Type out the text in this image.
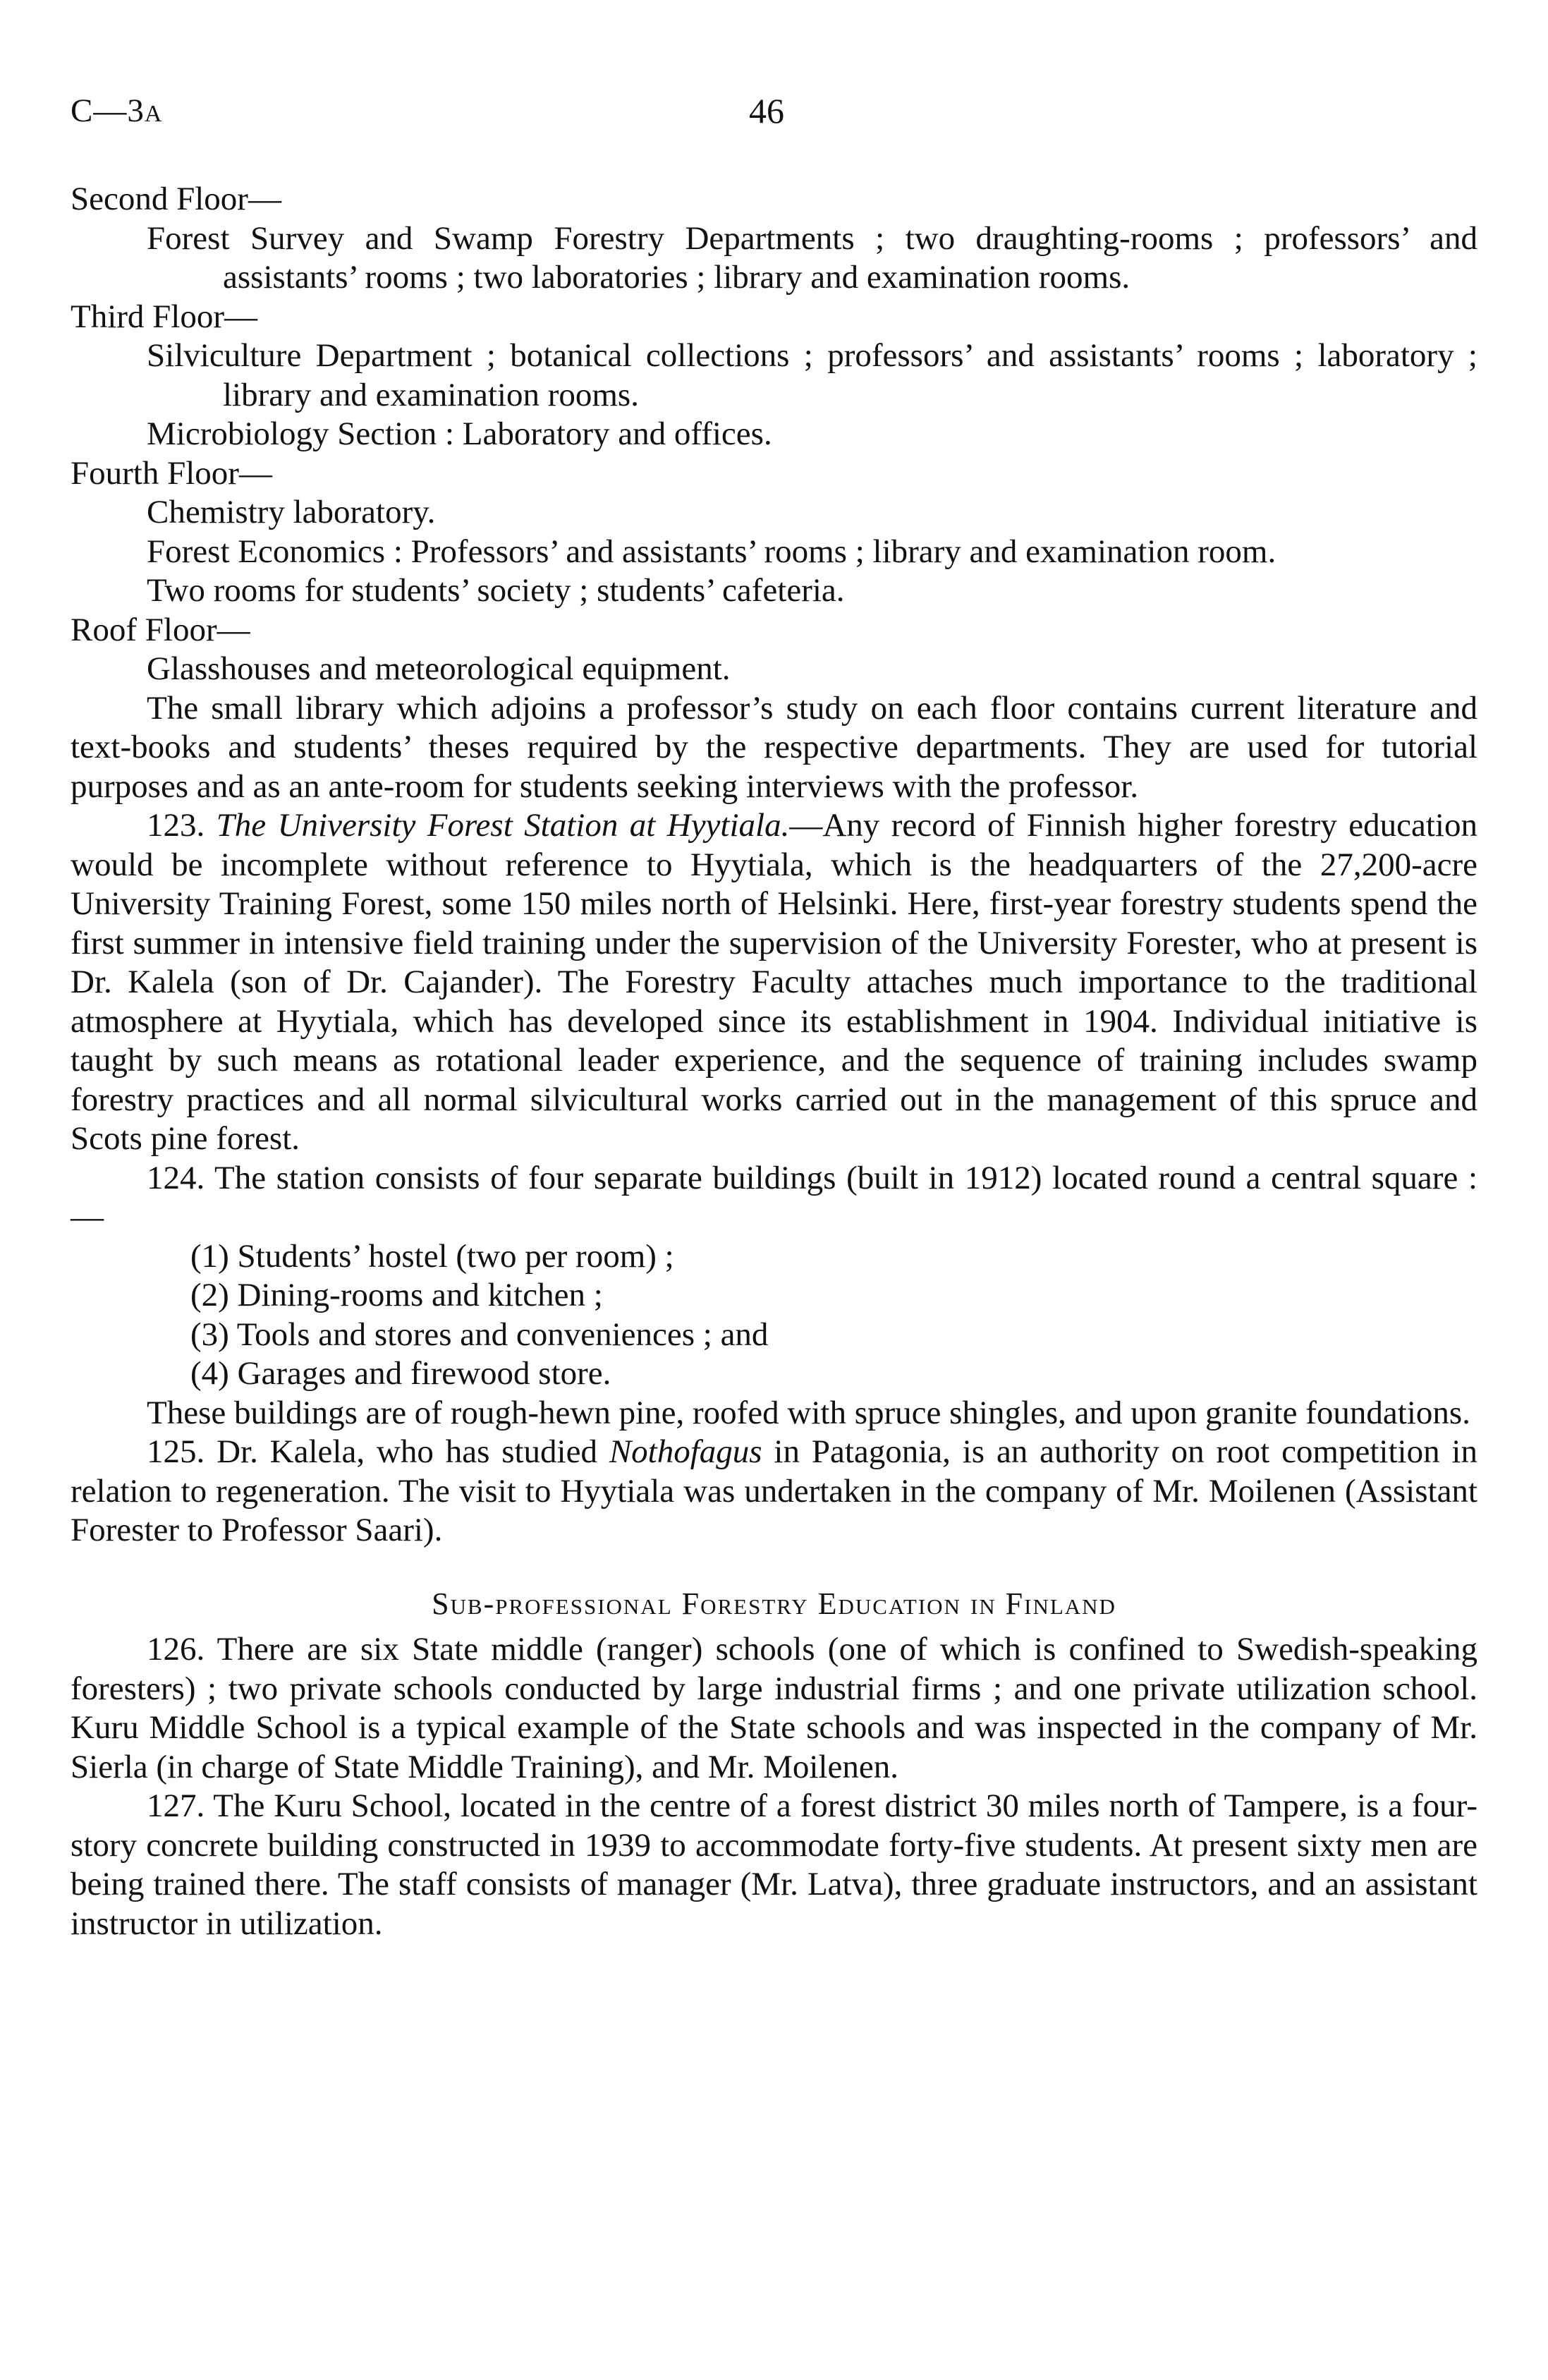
C—3A	46

Second Floor—

Forest Survey and Swamp Forestry Departments ; two draughting-rooms ; professors’ and assistants’ rooms ; two laboratories ; library and examination rooms.

Third Floor—

Silviculture Department ; botanical collections ; professors’ and assistants’ rooms ; laboratory ; library and examination rooms.

Microbiology Section : Laboratory and offices.

Fourth Floor—

Chemistry laboratory.

Forest Economics : Professors’ and assistants’ rooms ; library and examination room.

Two rooms for students’ society ; students’ cafeteria.

Roof Floor—

Glasshouses and meteorological equipment.

The small library which adjoins a professor’s study on each floor contains current literature and text-books and students’ theses required by the respective departments. They are used for tutorial purposes and as an ante-room for students seeking interviews with the professor.

123. The University Forest Station at Hyytiala.—Any record of Finnish higher forestry education would be incomplete without reference to Hyytiala, which is the headquarters of the 27,200-acre University Training Forest, some 150 miles north of Helsinki. Here, first-year forestry students spend the first summer in intensive field training under the supervision of the University Forester, who at present is Dr. Kalela (son of Dr. Cajander). The Forestry Faculty attaches much importance to the traditional atmosphere at Hyytiala, which has developed since its establishment in 1904. Individual initiative is taught by such means as rotational leader experience, and the sequence of training includes swamp forestry practices and all normal silvicultural works carried out in the management of this spruce and Scots pine forest.

124. The station consists of four separate buildings (built in 1912) located round a central square :—

(1) Students’ hostel (two per room) ;

(2) Dining-rooms and kitchen ;

(3) Tools and stores and conveniences ; and

(4) Garages and firewood store.

These buildings are of rough-hewn pine, roofed with spruce shingles, and upon granite foundations.

125. Dr. Kalela, who has studied Nothofagus in Patagonia, is an authority on root competition in relation to regeneration. The visit to Hyytiala was undertaken in the company of Mr. Moilenen (Assistant Forester to Professor Saari).

Sub-professional Forestry Education in Finland

126. There are six State middle (ranger) schools (one of which is confined to Swedish-speaking foresters) ; two private schools conducted by large industrial firms ; and one private utilization school. Kuru Middle School is a typical example of the State schools and was inspected in the company of Mr. Sierla (in charge of State Middle Training), and Mr. Moilenen.

127. The Kuru School, located in the centre of a forest district 30 miles north of Tampere, is a four-story concrete building constructed in 1939 to accommodate forty-five students. At present sixty men are being trained there. The staff consists of manager (Mr. Latva), three graduate instructors, and an assistant instructor in utilization.
